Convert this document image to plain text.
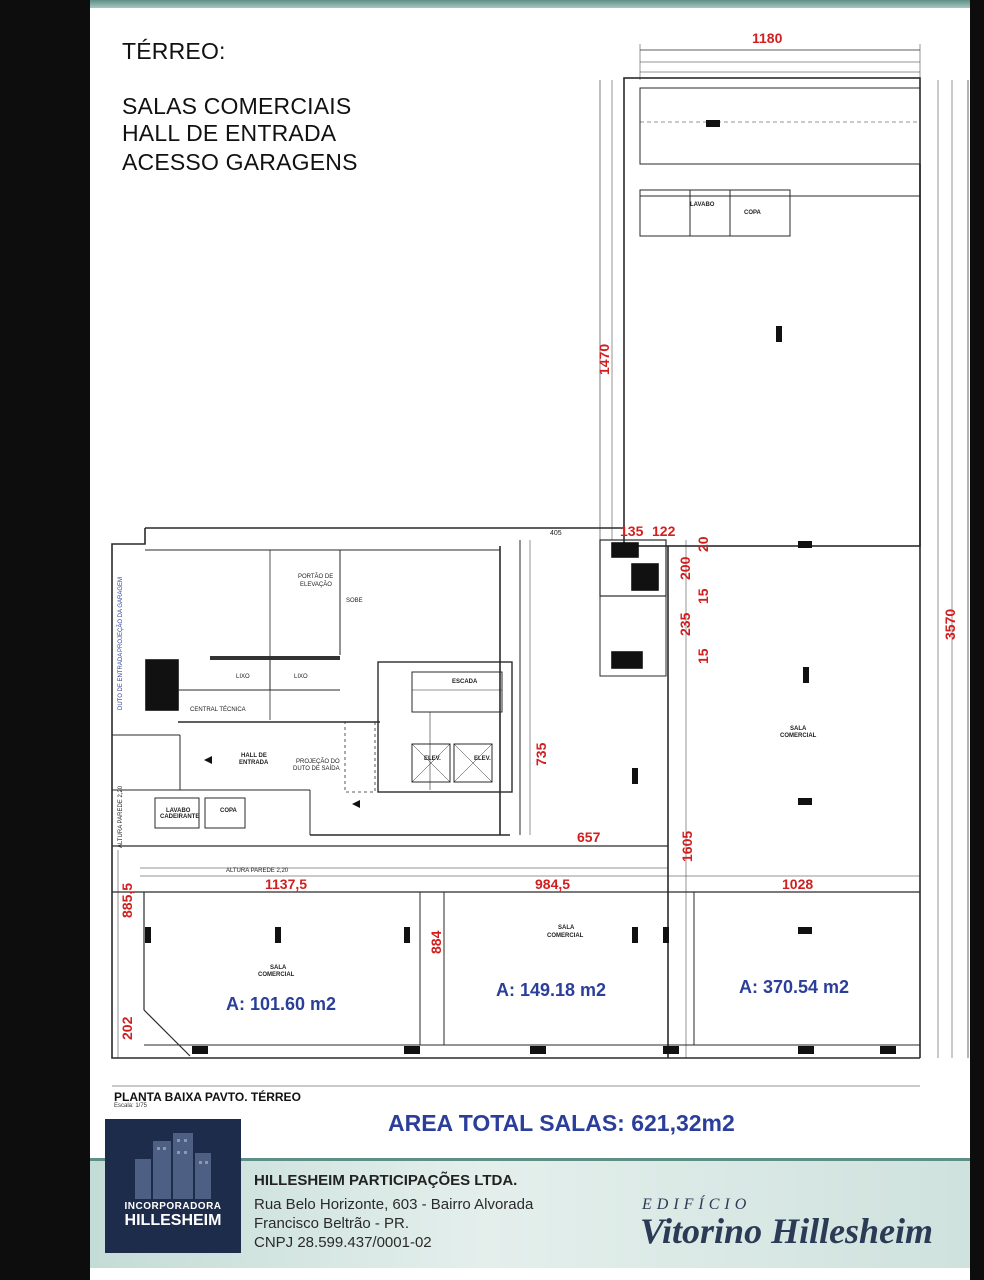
TÉRREO:
SALAS COMERCIAIS
HALL DE ENTRADA
ACESSO GARAGENS
1180
1470
3570
405	135 122
20
200
15
235
15
735
657	1605
1137,5	984,5	1028
885,5
884
202
COPA
LAVABO
SALA
COMERCIAL
PORTÃO DE
ELEVAÇÃO
SOBE
LIXO	LIXO
CENTRAL TÉCNICA
ESCADA
HALL DE
ENTRADA	PROJEÇÃO DO
DUTO DE SAÍDA
ELEV.	ELEV.
LAVABO
CADEIRANTE
COPA
ALTURA PAREDE 2,20
ALTURA PAREDE 2,20
PROJEÇÃO DA GARAGEM
DUTO DE ENTRADA
SALA
COMERCIAL
SALA
COMERCIAL
A: 101.60 m2
A: 149.18 m2	A: 370.54 m2
PLANTA BAIXA PAVTO. TÉRREO
Escala: 1/75
AREA TOTAL SALAS: 621,32m2
INCORPORADORA
HILLESHEIM
HILLESHEIM PARTICIPAÇÕES LTDA.
Rua Belo Horizonte, 603 - Bairro Alvorada
Francisco Beltrão - PR.
CNPJ 28.599.437/0001-02
EDIFÍCIO
Vitorino Hillesheim
